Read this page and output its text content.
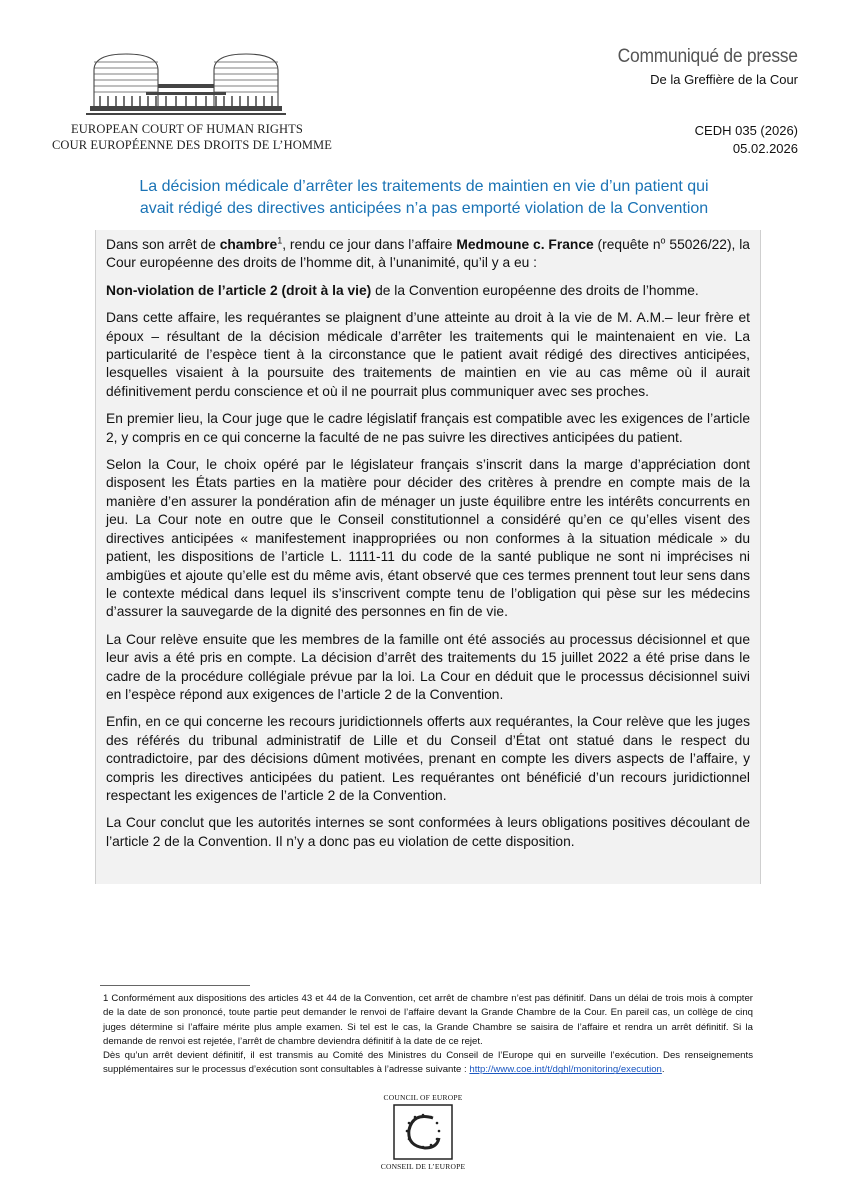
EUROPEAN COURT OF HUMAN RIGHTS
COUR EUROPÉENNE DES DROITS DE L’HOMME
Communiqué de presse
De la Greffière de la Cour
CEDH 035 (2026)
05.02.2026
La décision médicale d’arrêter les traitements de maintien en vie d’un patient qui
avait rédigé des directives anticipées n’a pas emporté violation de la Convention

Dans son arrêt de chambre$^1$, rendu ce jour dans l’affaire Medmoune c. France (requête $n^o$ 55026/22), la Cour européenne des droits de l’homme dit, à l’unanimité, qu’il y a eu :

Non-violation de l’article 2 (droit à la vie) de la Convention européenne des droits de l’homme.

Dans cette affaire, les requérantes se plaignent d’une atteinte au droit à la vie de M. A.M.– leur frère et époux – résultant de la décision médicale d’arrêter les traitements qui le maintenaient en vie. La particularité de l’espèce tient à la circonstance que le patient avait rédigé des directives anticipées, lesquelles visaient à la poursuite des traitements de maintien en vie au cas même où il aurait définitivement perdu conscience et où il ne pourrait plus communiquer avec ses proches.

En premier lieu, la Cour juge que le cadre législatif français est compatible avec les exigences de l’article 2, y compris en ce qui concerne la faculté de ne pas suivre les directives anticipées du patient.

Selon la Cour, le choix opéré par le législateur français s’inscrit dans la marge d’appréciation dont disposent les États parties en la matière pour décider des critères à prendre en compte mais de la manière d’en assurer la pondération afin de ménager un juste équilibre entre les intérêts concurrents en jeu. La Cour note en outre que le Conseil constitutionnel a considéré qu’en ce qu’elles visent des directives anticipées « manifestement inappropriées ou non conformes à la situation médicale » du patient, les dispositions de l’article L. 1111-11 du code de la santé publique ne sont ni imprécises ni ambigües et ajoute qu’elle est du même avis, étant observé que ces termes prennent tout leur sens dans le contexte médical dans lequel ils s’inscrivent compte tenu de l’obligation qui pèse sur les médecins d’assurer la sauvegarde de la dignité des personnes en fin de vie.

La Cour relève ensuite que les membres de la famille ont été associés au processus décisionnel et que leur avis a été pris en compte. La décision d’arrêt des traitements du 15 juillet 2022 a été prise dans le cadre de la procédure collégiale prévue par la loi. La Cour en déduit que le processus décisionnel suivi en l’espèce répond aux exigences de l’article 2 de la Convention.

Enfin, en ce qui concerne les recours juridictionnels offerts aux requérantes, la Cour relève que les juges des référés du tribunal administratif de Lille et du Conseil d’État ont statué dans le respect du contradictoire, par des décisions dûment motivées, prenant en compte les divers aspects de l’affaire, y compris les directives anticipées du patient. Les requérantes ont bénéficié d’un recours juridictionnel respectant les exigences de l’article 2 de la Convention.

La Cour conclut que les autorités internes se sont conformées à leurs obligations positives découlant de l’article 2 de la Convention. Il n’y a donc pas eu violation de cette disposition.

1 Conformément aux dispositions des articles 43 et 44 de la Convention, cet arrêt de chambre n’est pas définitif. Dans un délai de trois mois à compter de la date de son prononcé, toute partie peut demander le renvoi de l’affaire devant la Grande Chambre de la Cour. En pareil cas, un collège de cinq juges détermine si l’affaire mérite plus ample examen. Si tel est le cas, la Grande Chambre se saisira de l’affaire et rendra un arrêt définitif. Si la demande de renvoi est rejetée, l’arrêt de chambre deviendra définitif à la date de ce rejet.

Dès qu’un arrêt devient définitif, il est transmis au Comité des Ministres du Conseil de l’Europe qui en surveille l’exécution. Des renseignements supplémentaires sur le processus d’exécution sont consultables à l’adresse suivante : http://www.coe.int/t/dghl/monitoring/execution.

COUNCIL OF EUROPE
CONSEIL DE L’EUROPE
